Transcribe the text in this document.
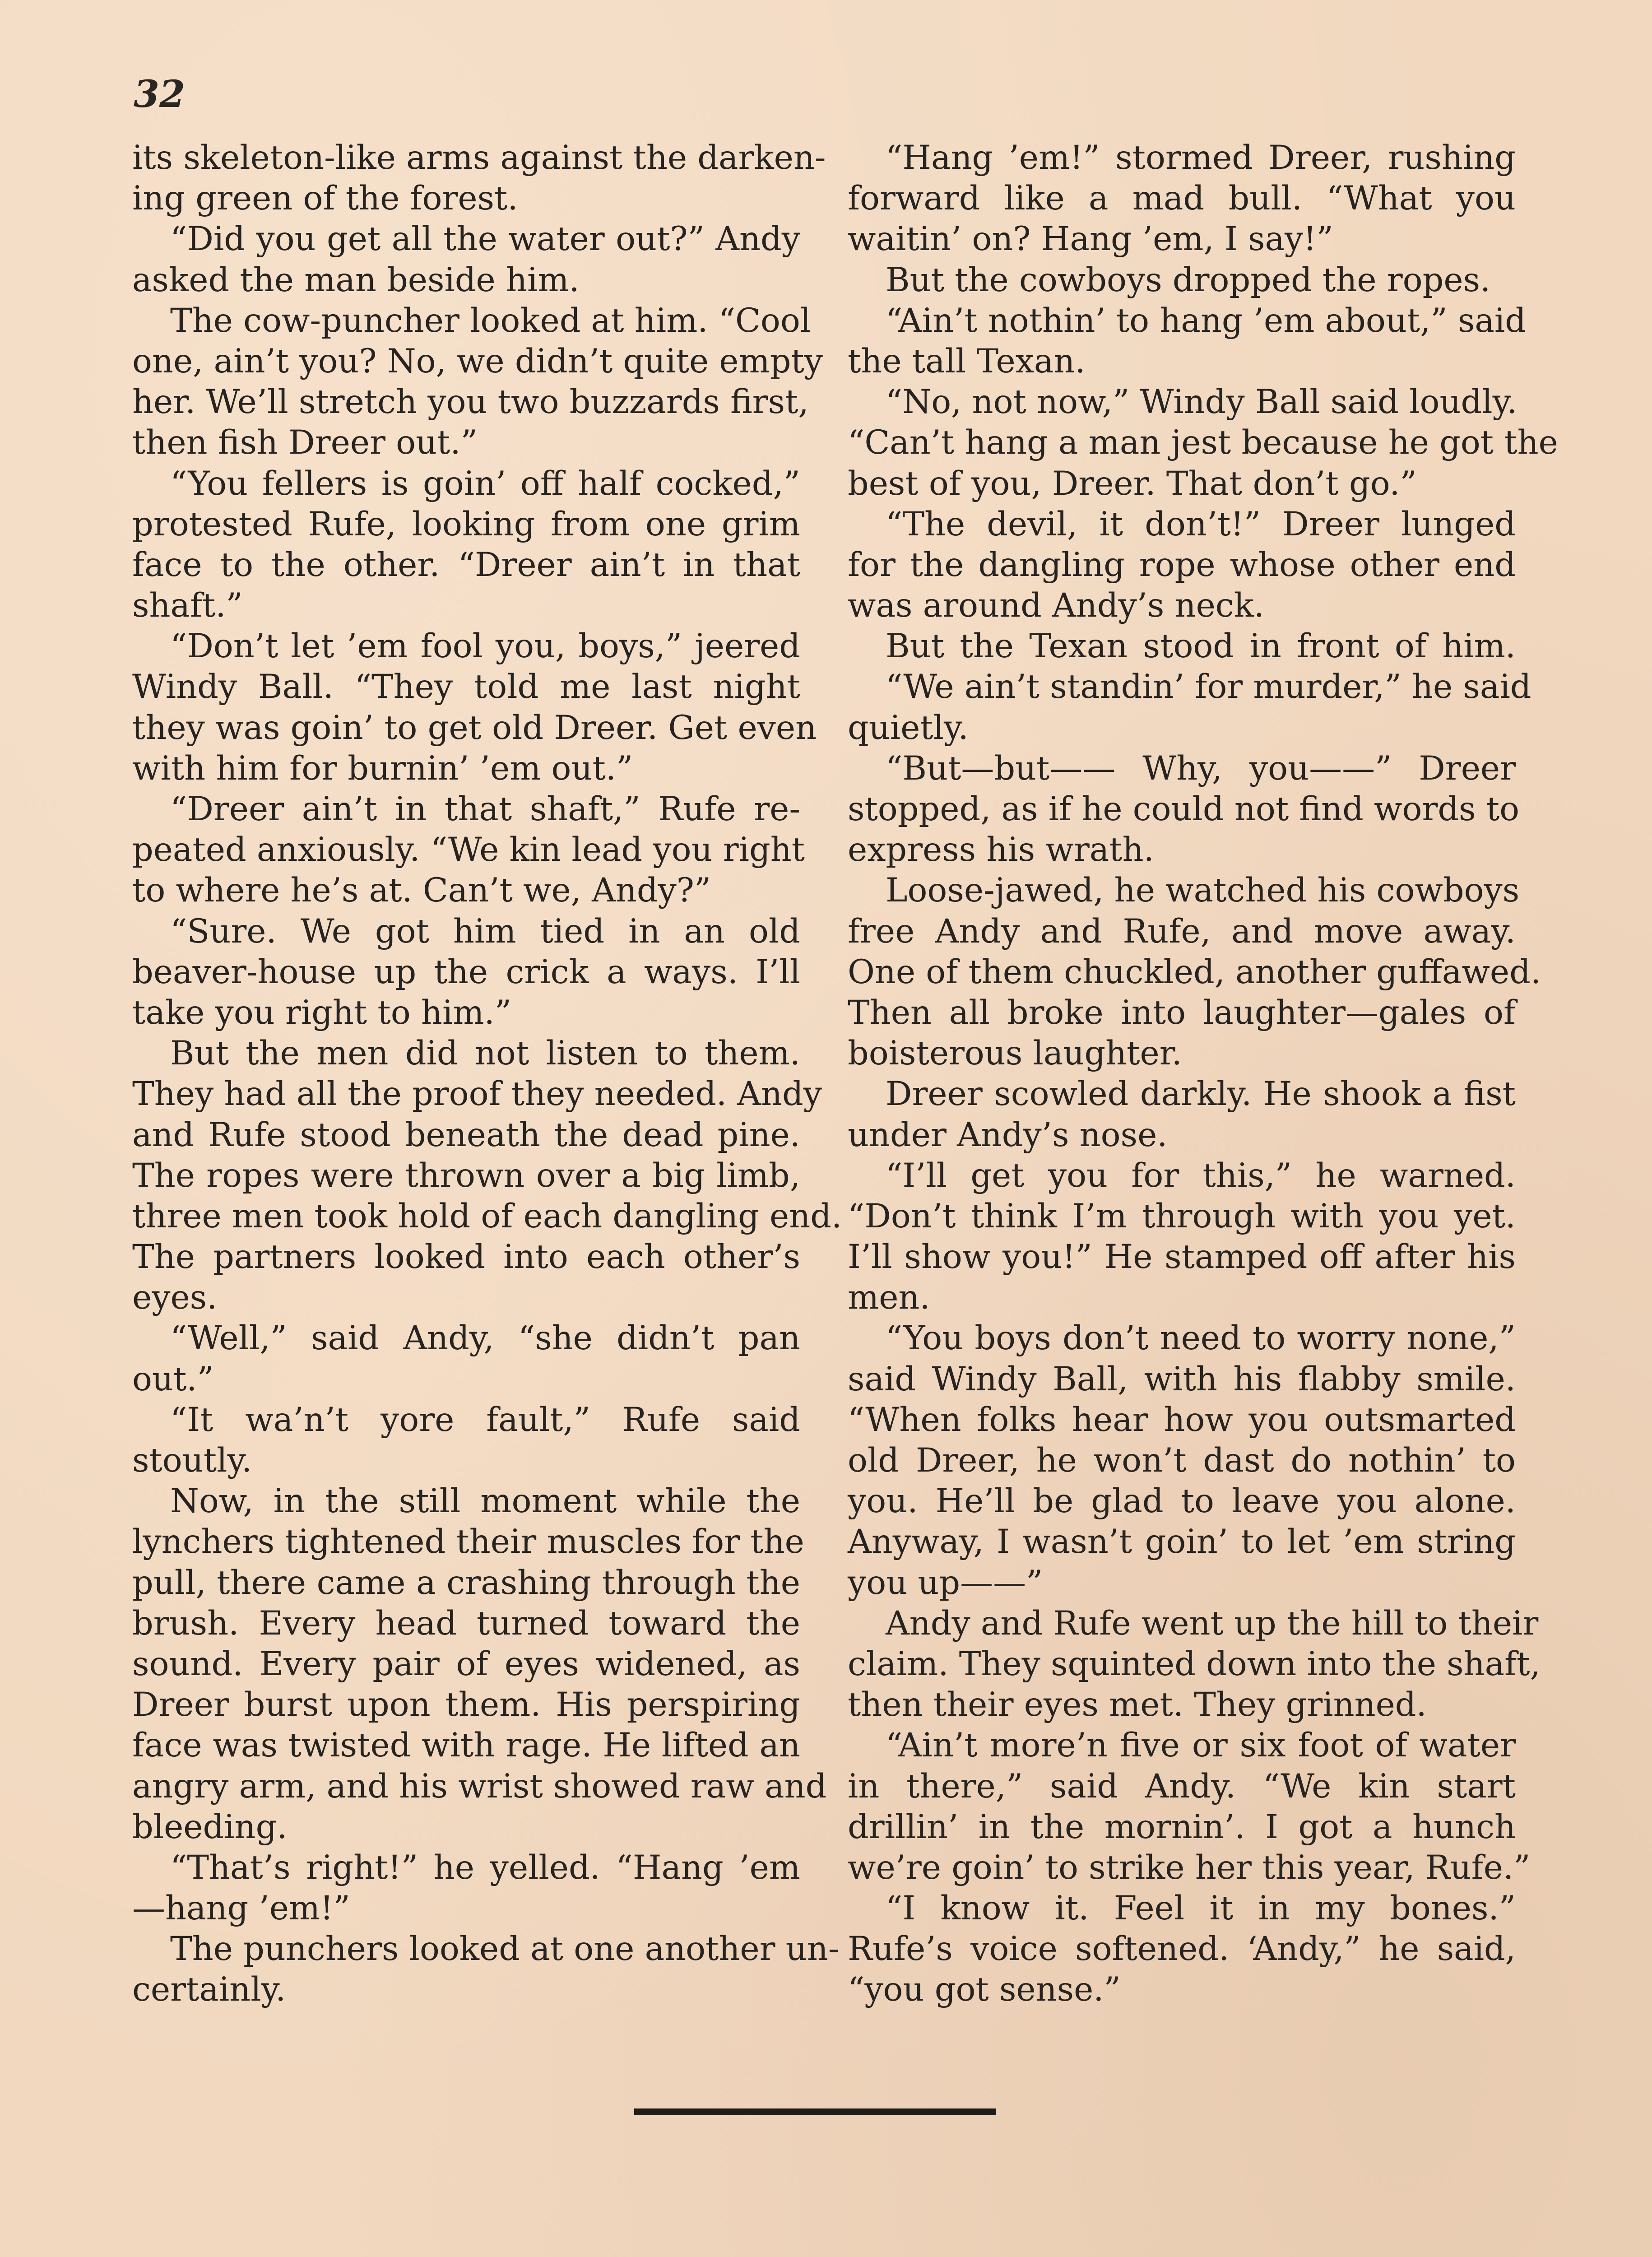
32
its skeleton-like arms against the darken-
ing green of the forest.
“Did you get all the water out?” Andy
asked the man beside him.
The cow-puncher looked at him. “Cool
one, ain’t you? No, we didn’t quite empty
her. We’ll stretch you two buzzards first,
then fish Dreer out.”
“You fellers is goin’ off half cocked,”
protested Rufe, looking from one grim
face to the other. “Dreer ain’t in that
shaft.”
“Don’t let ’em fool you, boys,” jeered
Windy Ball. “They told me last night
they was goin’ to get old Dreer. Get even
with him for burnin’ ’em out.”
“Dreer ain’t in that shaft,” Rufe re-
peated anxiously. “We kin lead you right
to where he’s at. Can’t we, Andy?”
“Sure. We got him tied in an old
beaver-house up the crick a ways. I’ll
take you right to him.”
But the men did not listen to them.
They had all the proof they needed. Andy
and Rufe stood beneath the dead pine.
The ropes were thrown over a big limb,
three men took hold of each dangling end.
The partners looked into each other’s
eyes.
“Well,” said Andy, “she didn’t pan
out.”
“It wa’n’t yore fault,” Rufe said
stoutly.
Now, in the still moment while the
lynchers tightened their muscles for the
pull, there came a crashing through the
brush. Every head turned toward the
sound. Every pair of eyes widened, as
Dreer burst upon them. His perspiring
face was twisted with rage. He lifted an
angry arm, and his wrist showed raw and
bleeding.
“That’s right!” he yelled. “Hang ’em
—hang ’em!”
The punchers looked at one another un-
certainly.
“Hang ’em!” stormed Dreer, rushing
forward like a mad bull. “What you
waitin’ on? Hang ’em, I say!”
But the cowboys dropped the ropes.
“Ain’t nothin’ to hang ’em about,” said
the tall Texan.
“No, not now,” Windy Ball said loudly.
“Can’t hang a man jest because he got the
best of you, Dreer. That don’t go.”
“The devil, it don’t!” Dreer lunged
for the dangling rope whose other end
was around Andy’s neck.
But the Texan stood in front of him.
“We ain’t standin’ for murder,” he said
quietly.
“But—but—— Why, you——” Dreer
stopped, as if he could not find words to
express his wrath.
Loose-jawed, he watched his cowboys
free Andy and Rufe, and move away.
One of them chuckled, another guffawed.
Then all broke into laughter—gales of
boisterous laughter.
Dreer scowled darkly. He shook a fist
under Andy’s nose.
“I’ll get you for this,” he warned.
“Don’t think I’m through with you yet.
I’ll show you!” He stamped off after his
men.
“You boys don’t need to worry none,”
said Windy Ball, with his flabby smile.
“When folks hear how you outsmarted
old Dreer, he won’t dast do nothin’ to
you. He’ll be glad to leave you alone.
Anyway, I wasn’t goin’ to let ’em string
you up——”
Andy and Rufe went up the hill to their
claim. They squinted down into the shaft,
then their eyes met. They grinned.
“Ain’t more’n five or six foot of water
in there,” said Andy. “We kin start
drillin’ in the mornin’. I got a hunch
we’re goin’ to strike her this year, Rufe.”
“I know it. Feel it in my bones.”
Rufe’s voice softened. ‘Andy,” he said,
“you got sense.”
